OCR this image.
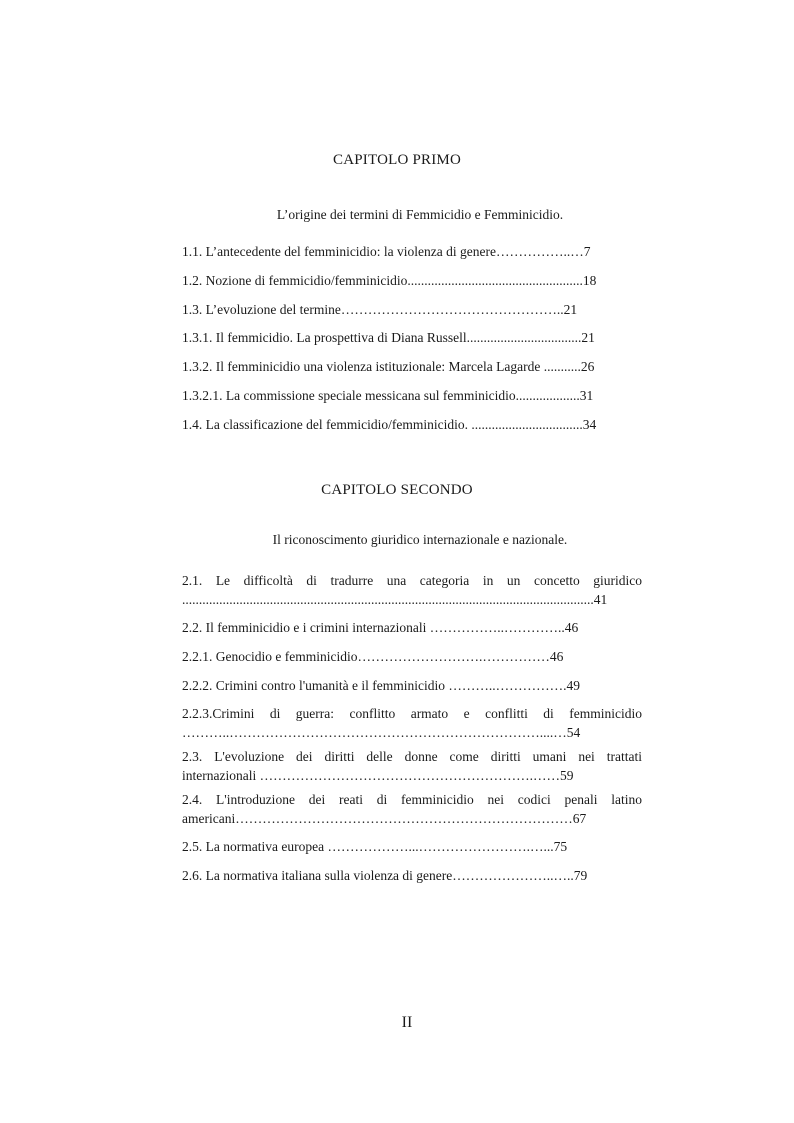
CAPITOLO PRIMO

L’origine dei termini di Femmicidio e Femminicidio.

1.1. L’antecedente del femminicidio: la violenza di genere……………..…7
1.2. Nozione di femmicidio/femminicidio....................................................18
1.3. L’evoluzione del termine…………………………………………..21
1.3.1. Il femmicidio. La prospettiva di Diana Russell..................................21
1.3.2. Il femminicidio una violenza istituzionale: Marcela Lagarde ...........26
1.3.2.1. La commissione speciale messicana sul femminicidio...................31
1.4. La classificazione del femmicidio/femminicidio. .................................34
CAPITOLO SECONDO

Il riconoscimento giuridico internazionale e nazionale.

2.1. Le difficoltà di tradurre una categoria in un concetto giuridico
..........................................................................................................................41
2.2. Il femminicidio e i crimini internazionali ……………..…………..46
2.2.1. Genocidio e femminicidio……………………….……………46
2.2.2. Crimini contro l'umanità e il femminicidio ………..…………….49
2.2.3.Crimini di guerra: conflitto armato e conflitti di femminicidio
………..……………………………………………………………....…54
2.3. L'evoluzione dei diritti delle donne come diritti umani nei trattati
internazionali …………………………………………………….……59
2.4. L'introduzione dei reati di femminicidio nei codici penali latino
americani…………………………………………………………………67
2.5. La normativa europea ………………...…………………….…...75
2.6. La normativa italiana sulla violenza di genere…………………..…..79

II
